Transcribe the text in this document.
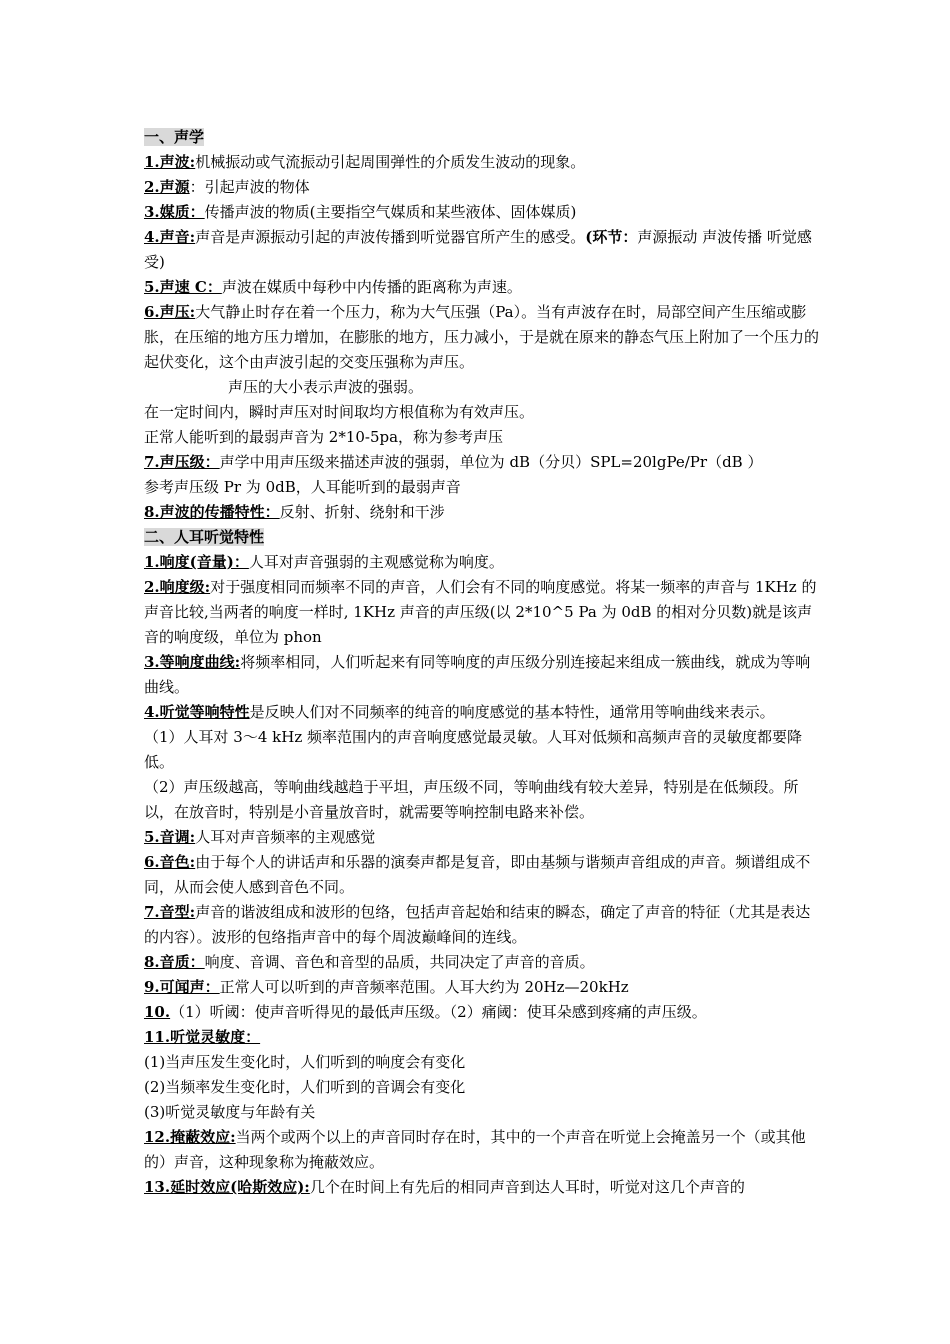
一、声学
1.声波:机械振动或气流振动引起周围弹性的介质发生波动的现象。
2.声源：引起声波的物体
3.媒质：传播声波的物质(主要指空气媒质和某些液体、固体媒质)
4.声音:声音是声源振动引起的声波传播到听觉器官所产生的感受。(环节：声源振动 声波传播 听觉感受)
5.声速 C：声波在媒质中每秒中内传播的距离称为声速。
6.声压:大气静止时存在着一个压力，称为大气压强（Pa）。当有声波存在时，局部空间产生压缩或膨胀，在压缩的地方压力增加，在膨胀的地方，压力减小，于是就在原来的静态气压上附加了一个压力的起伏变化，这个由声波引起的交变压强称为声压。
声压的大小表示声波的强弱。
在一定时间内，瞬时声压对时间取均方根值称为有效声压。
正常人能听到的最弱声音为 2*10-5pa，称为参考声压
7.声压级：声学中用声压级来描述声波的强弱，单位为 dB（分贝）SPL=20lgPe/Pr（dB ）
参考声压级 Pr 为 0dB，人耳能听到的最弱声音
8.声波的传播特性：反射、折射、绕射和干涉
二、人耳听觉特性
1.响度(音量)：人耳对声音强弱的主观感觉称为响度。
2.响度级:对于强度相同而频率不同的声音，人们会有不同的响度感觉。将某一频率的声音与 1KHz 的声音比较,当两者的响度一样时, 1KHz 声音的声压级(以 2*10^5 Pa 为 0dB 的相对分贝数)就是该声音的响度级，单位为 phon
3.等响度曲线:将频率相同，人们听起来有同等响度的声压级分别连接起来组成一簇曲线，就成为等响曲线。
4.听觉等响特性是反映人们对不同频率的纯音的响度感觉的基本特性，通常用等响曲线来表示。
（1）人耳对 3～4 kHz 频率范围内的声音响度感觉最灵敏。人耳对低频和高频声音的灵敏度都要降低。
（2）声压级越高，等响曲线越趋于平坦，声压级不同，等响曲线有较大差异，特别是在低频段。所以，在放音时，特别是小音量放音时，就需要等响控制电路来补偿。
5.音调:人耳对声音频率的主观感觉
6.音色:由于每个人的讲话声和乐器的演奏声都是复音，即由基频与谐频声音组成的声音。频谱组成不同，从而会使人感到音色不同。
7.音型:声音的谐波组成和波形的包络，包括声音起始和结束的瞬态，确定了声音的特征（尤其是表达的内容）。波形的包络指声音中的每个周波巅峰间的连线。
8.音质：响度、音调、音色和音型的品质，共同决定了声音的音质。
9.可闻声：正常人可以听到的声音频率范围。人耳大约为 20Hz—20kHz
10.（1）听阈：使声音听得见的最低声压级。（2）痛阈：使耳朵感到疼痛的声压级。
11.听觉灵敏度：
(1)当声压发生变化时，人们听到的响度会有变化
(2)当频率发生变化时，人们听到的音调会有变化
(3)听觉灵敏度与年龄有关
12.掩蔽效应:当两个或两个以上的声音同时存在时，其中的一个声音在听觉上会掩盖另一个（或其他的）声音，这种现象称为掩蔽效应。
13.延时效应(哈斯效应):几个在时间上有先后的相同声音到达人耳时，听觉对这几个声音的
